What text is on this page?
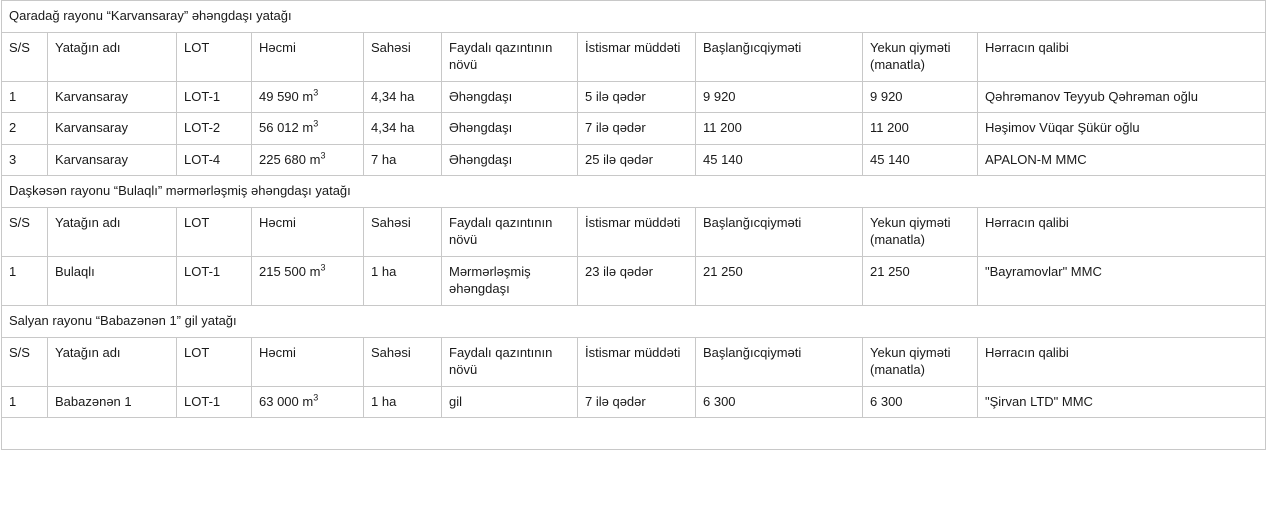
Qaradağ rayonu “Karvansaray” əhəngdaşı yatağı									
S/S	Yatağın adı	LOT	Həcmi	Sahəsi	Faydalı qazıntının növü	İstismar müddəti	Başlanğıcqiyməti	Yekun qiyməti (manatla)	Hərracın qalibi
1	Karvansaray	LOT-1	49 590 $m^3$	4,34 ha	Əhəngdaşı	5 ilə qədər	9 920	9 920	Qəhrəmanov Teyyub Qəhrəman oğlu
2	Karvansaray	LOT-2	56 012 $m^3$	4,34 ha	Əhəngdaşı	7 ilə qədər	11 200	11 200	Həşimov Vüqar Şükür oğlu
3	Karvansaray	LOT-4	225 680 $m^3$	7 ha	Əhəngdaşı	25 ilə qədər	45 140	45 140	APALON-M MMC
Daşkəsən rayonu “Bulaqlı” mərmərləşmiş əhəngdaşı yatağı									
S/S	Yatağın adı	LOT	Həcmi	Sahəsi	Faydalı qazıntının növü	İstismar müddəti	Başlanğıcqiyməti	Yekun qiyməti (manatla)	Hərracın qalibi
1	Bulaqlı	LOT-1	215 500 $m^3$	1 ha	Mərmərləşmiş əhəngdaşı	23 ilə qədər	21 250	21 250	"Bayramovlar" MMC
Salyan rayonu “Babazənən 1” gil yatağı									
S/S	Yatağın adı	LOT	Həcmi	Sahəsi	Faydalı qazıntının növü	İstismar müddəti	Başlanğıcqiyməti	Yekun qiyməti (manatla)	Hərracın qalibi
1	Babazənən 1	LOT-1	63 000 $m^3$	1 ha	gil	7 ilə qədər	6 300	6 300	"Şirvan LTD" MMC
